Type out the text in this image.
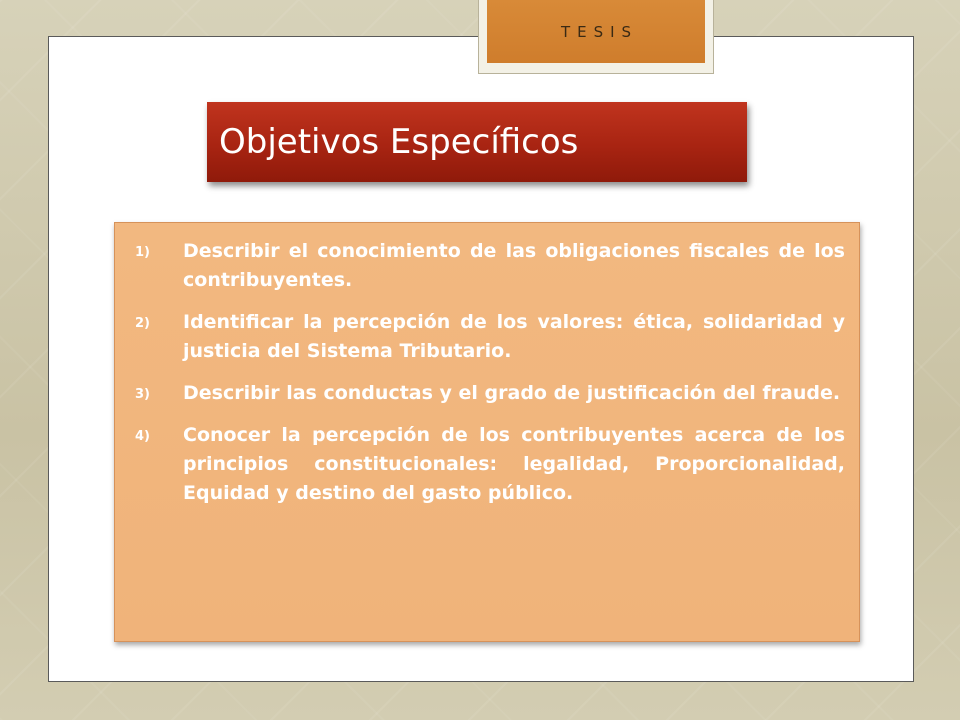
TESIS
Objetivos Específicos
1)	Describir el conocimiento de las obligaciones fiscales de los contribuyentes.
2)	Identificar la percepción de los valores: ética, solidaridad y justicia del Sistema Tributario.
3)	Describir las conductas y el grado de justificación del fraude.
4)	Conocer la percepción de los contribuyentes acerca de los principios constitucionales: legalidad, Proporcionalidad, Equidad y destino del gasto público.
